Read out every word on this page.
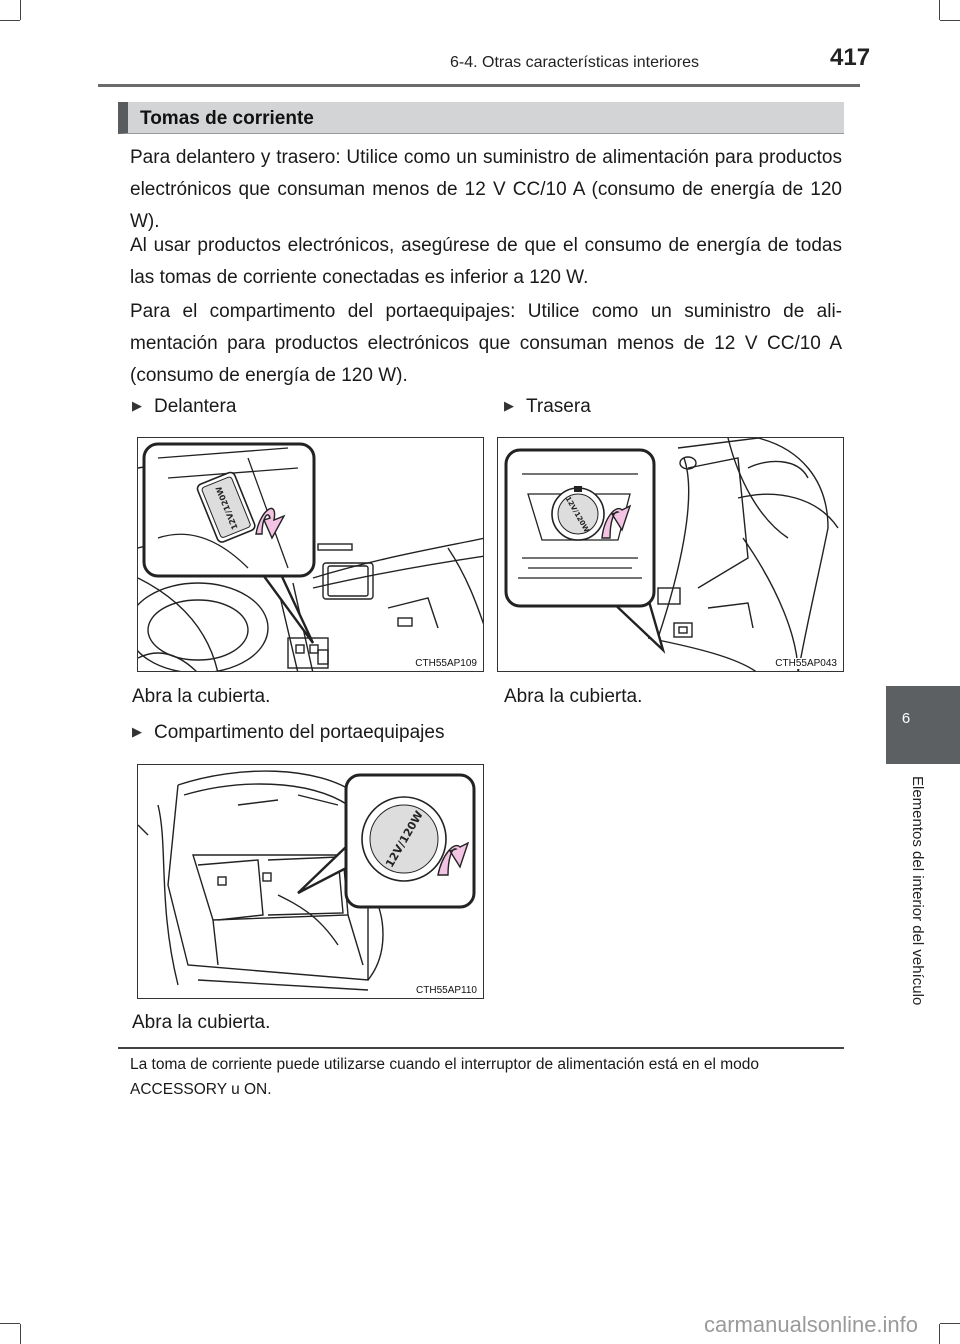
6-4. Otras características interiores	417
6
Elementos del interior del vehículo
Tomas de corriente

Para delantero y trasero: Utilice como un suministro de alimentación para productos electrónicos que consuman menos de 12 V CC/10 A (consumo de energía de 120 W).

Al usar productos electrónicos, asegúrese de que el consumo de energía de todas las tomas de corriente conectadas es inferior a 120 W.

Para el compartimento del portaequipajes: Utilice como un suministro de ali-mentación para productos electrónicos que consuman menos de 12 V CC/10 A (consumo de energía de 120 W).

▶ Delantera
12V/120W
CTH55AP109
Abra la cubierta.
▶ Trasera
12V/120W
CTH55AP043
Abra la cubierta.
▶ Compartimento del portaequipajes
12V/120W
CTH55AP110
Abra la cubierta.

La toma de corriente puede utilizarse cuando el interruptor de alimentación está en el modo ACCESSORY u ON.

carmanualsonline.info
